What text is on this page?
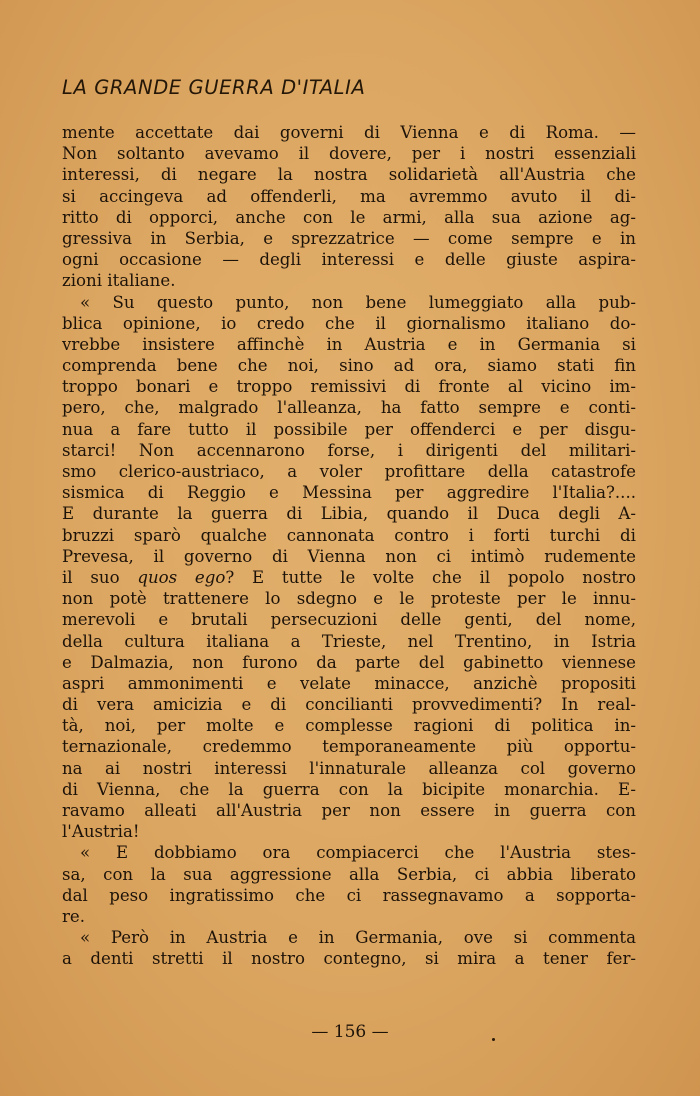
LA GRANDE GUERRA D'ITALIA
mente accettate dai governi di Vienna e di Roma. —
Non soltanto avevamo il dovere, per i nostri essenziali
interessi, di negare la nostra solidarietà all'Austria che
si accingeva ad offenderli, ma avremmo avuto il di-
ritto di opporci, anche con le armi, alla sua azione ag-
gressiva in Serbia, e sprezzatrice — come sempre e in
ogni occasione — degli interessi e delle giuste aspira-
zioni italiane.
« Su questo punto, non bene lumeggiato alla pub-
blica opinione, io credo che il giornalismo italiano do-
vrebbe insistere affinchè in Austria e in Germania si
comprenda bene che noi, sino ad ora, siamo stati fin
troppo bonari e troppo remissivi di fronte al vicino im-
pero, che, malgrado l'alleanza, ha fatto sempre e conti-
nua a fare tutto il possibile per offenderci e per disgu-
starci! Non accennarono forse, i dirigenti del militari-
smo clerico-austriaco, a voler profittare della catastrofe
sismica di Reggio e Messina per aggredire l'Italia?....
E durante la guerra di Libia, quando il Duca degli A-
bruzzi sparò qualche cannonata contro i forti turchi di
Prevesa, il governo di Vienna non ci intimò rudemente
il suo quos ego? E tutte le volte che il popolo nostro
non potè trattenere lo sdegno e le proteste per le innu-
merevoli e brutali persecuzioni delle genti, del nome,
della cultura italiana a Trieste, nel Trentino, in Istria
e Dalmazia, non furono da parte del gabinetto viennese
aspri ammonimenti e velate minacce, anzichè propositi
di vera amicizia e di concilianti provvedimenti? In real-
tà, noi, per molte e complesse ragioni di politica in-
ternazionale, credemmo temporaneamente più opportu-
na ai nostri interessi l'innaturale alleanza col governo
di Vienna, che la guerra con la bicipite monarchia. E-
ravamo alleati all'Austria per non essere in guerra con
l'Austria!
« E dobbiamo ora compiacerci che l'Austria stes-
sa, con la sua aggressione alla Serbia, ci abbia liberato
dal peso ingratissimo che ci rassegnavamo a sopporta-
re.
« Però in Austria e in Germania, ove si commenta
a denti stretti il nostro contegno, si mira a tener fer-
— 156 —
